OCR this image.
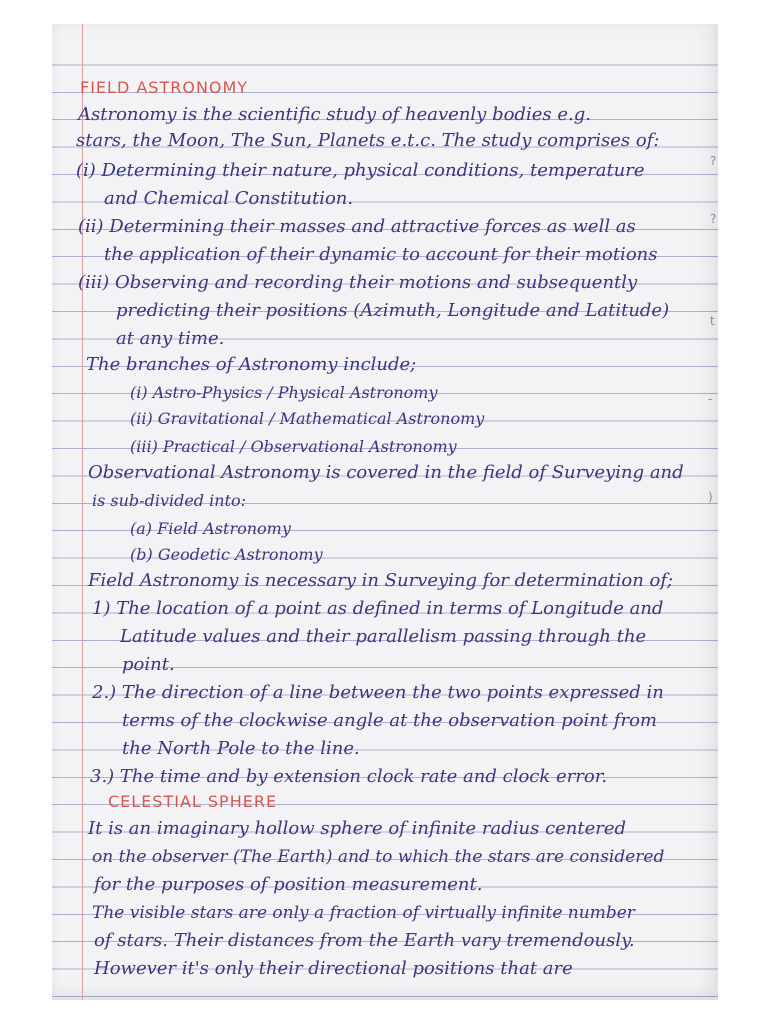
FIELD ASTRONOMY
Astronomy is the scientific study of heavenly bodies e.g.
stars, the Moon, The Sun, Planets e.t.c. The study comprises of:
(i) Determining their nature, physical conditions, temperature
and Chemical Constitution.
(ii) Determining their masses and attractive forces as well as
the application of their dynamic to account for their motions
(iii) Observing and recording their motions and subsequently
predicting their positions (Azimuth, Longitude and Latitude)
at any time.
The branches of Astronomy include;
(i) Astro-Physics / Physical Astronomy
(ii) Gravitational / Mathematical Astronomy
(iii) Practical / Observational Astronomy
Observational Astronomy is covered in the field of Surveying and
is sub-divided into:
(a) Field Astronomy
(b) Geodetic Astronomy
Field Astronomy is necessary in Surveying for determination of;
1) The location of a point as defined in terms of Longitude and
Latitude values and their parallelism passing through the
point.
2.) The direction of a line between the two points expressed in
terms of the clockwise angle at the observation point from
the North Pole to the line.
3.) The time and by extension clock rate and clock error.
CELESTIAL SPHERE
It is an imaginary hollow sphere of infinite radius centered
on the observer (The Earth) and to which the stars are considered
for the purposes of position measurement.
The visible stars are only a fraction of virtually infinite number
of stars. Their distances from the Earth vary tremendously.
However it's only their directional positions that are
?
?
t
-
)
